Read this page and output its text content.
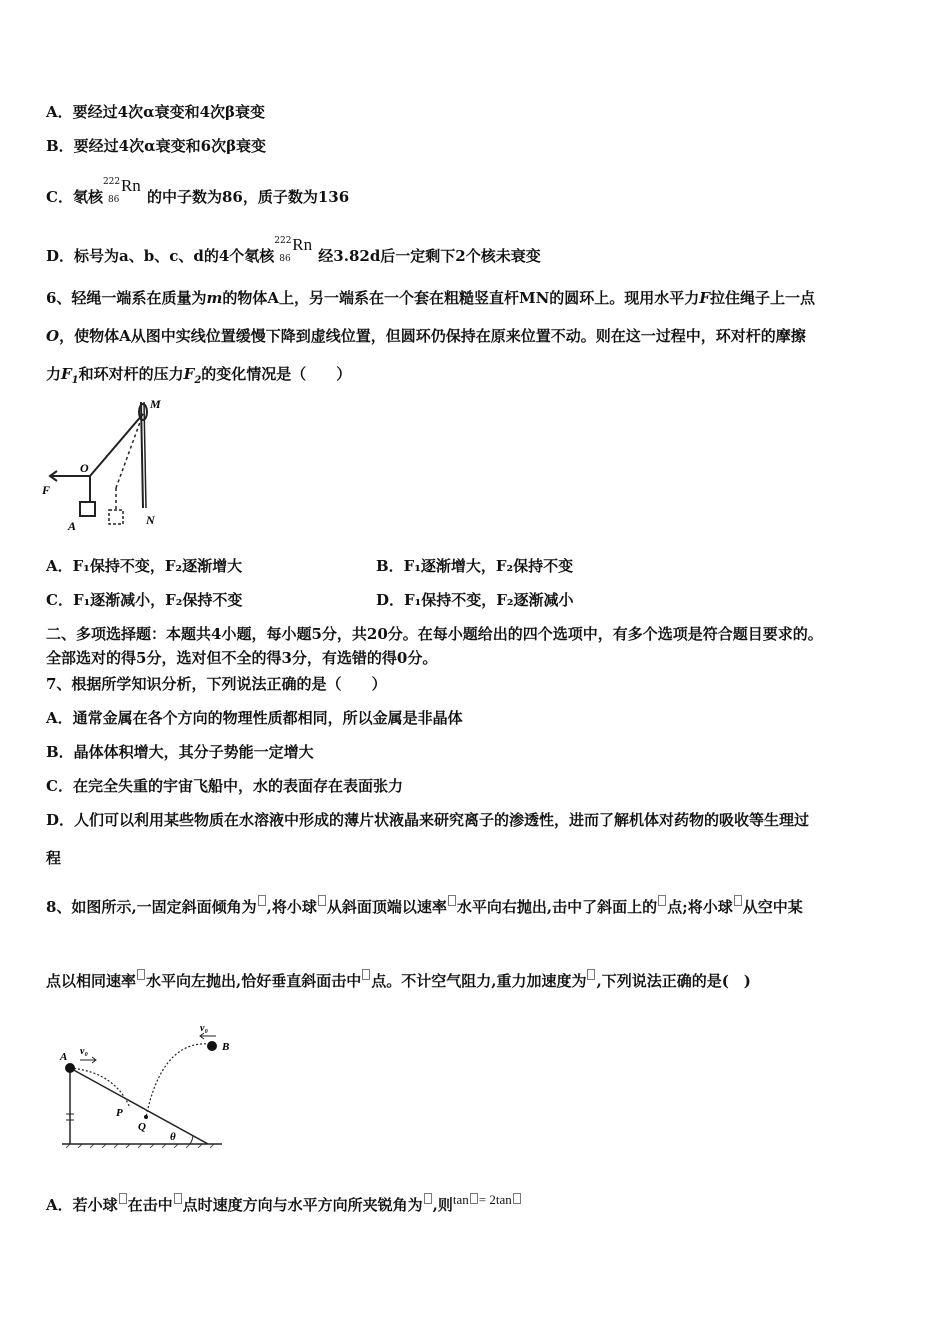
A．要经过4次α衰变和4次β衰变
B．要经过4次α衰变和6次β衰变
C．氡核
222
86
Rn
的中子数为86，质子数为136
D．标号为a、b、c、d的4个氡核
222
86
Rn
经3.82d后一定剩下2个核未衰变
6、轻绳一端系在质量为m的物体A上，另一端系在一个套在粗糙竖直杆MN的圆环上。现用水平力F拉住绳子上一点
O，使物体A从图中实线位置缓慢下降到虚线位置，但圆环仍保持在原来位置不动。则在这一过程中，环对杆的摩擦
力$F_1$和环对杆的压力$F_2$的变化情况是（　　）
M
N
O
F
A
A．F₁保持不变，F₂逐渐增大	B．F₁逐渐增大，F₂保持不变
C．F₁逐渐减小，F₂保持不变	D．F₁保持不变，F₂逐渐减小
二、多项选择题：本题共4小题，每小题5分，共20分。在每小题给出的四个选项中，有多个选项是符合题目要求的。
全部选对的得5分，选对但不全的得3分，有选错的得0分。
7、根据所学知识分析，下列说法正确的是（　　）
A．通常金属在各个方向的物理性质都相同，所以金属是非晶体
B．晶体体积增大，其分子势能一定增大
C．在完全失重的宇宙飞船中，水的表面存在表面张力
D．人们可以利用某些物质在水溶液中形成的薄片状液晶来研究离子的渗透性，进而了解机体对药物的吸收等生理过
程
8、如图所示,一固定斜面倾角为 ,将小球 从斜面顶端以速率 水平向右抛出,击中了斜面上的 点;将小球 从空中某
点以相同速率 水平向左抛出,恰好垂直斜面击中 点。不计空气阻力,重力加速度为 ,下列说法正确的是(　)
A v₀
v₀
B
P
Q
θ
A．若小球 在击中 点时速度方向与水平方向所夹锐角为 ,则tan = 2tan
